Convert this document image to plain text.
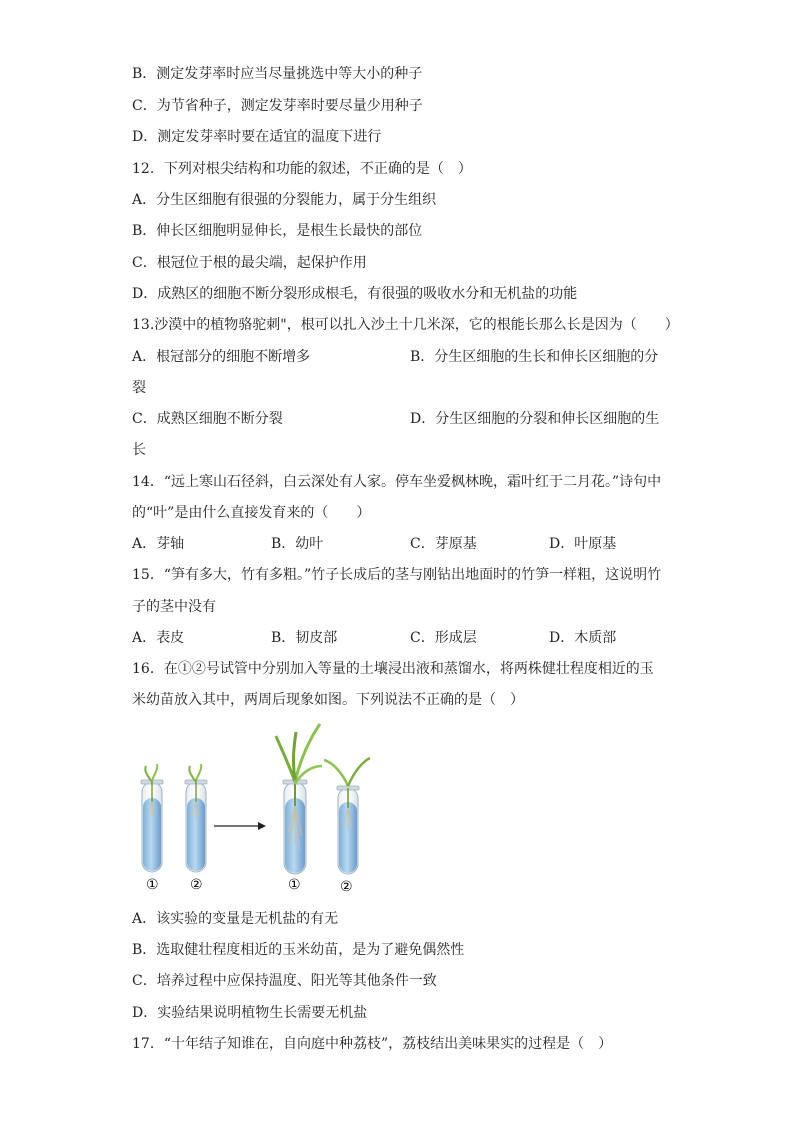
B．测定发芽率时应当尽量挑选中等大小的种子
C．为节省种子，测定发芽率时要尽量少用种子
D．测定发芽率时要在适宜的温度下进行
12．下列对根尖结构和功能的叙述，不正确的是（　）
A．分生区细胞有很强的分裂能力，属于分生组织
B．伸长区细胞明显伸长，是根生长最快的部位
C．根冠位于根的最尖端，起保护作用
D．成熟区的细胞不断分裂形成根毛，有很强的吸收水分和无机盐的功能
13.沙漠中的植物骆驼刺"，根可以扎入沙土十几米深，它的根能长那么长是因为（　　）
A．根冠部分的细胞不断增多	B．分生区细胞的生长和伸长区细胞的分
裂
C．成熟区细胞不断分裂	D．分生区细胞的分裂和伸长区细胞的生
长
14．“远上寒山石径斜，白云深处有人家。停车坐爱枫林晚，霜叶红于二月花。”诗句中
的“叶”是由什么直接发育来的（　　）
A．芽轴	B．幼叶	C．芽原基	D．叶原基
15．“笋有多大，竹有多粗。”竹子长成后的茎与刚钻出地面时的竹笋一样粗，这说明竹
子的茎中没有
A．表皮	B．韧皮部	C．形成层	D．木质部
16．在①②号试管中分别加入等量的土壤浸出液和蒸馏水，将两株健壮程度相近的玉
米幼苗放入其中，两周后现象如图。下列说法不正确的是（　）
① ②	①	②
A．该实验的变量是无机盐的有无
B．选取健壮程度相近的玉米幼苗，是为了避免偶然性
C．培养过程中应保持温度、阳光等其他条件一致
D．实验结果说明植物生长需要无机盐
17．“十年结子知谁在，自向庭中种荔枝”，荔枝结出美味果实的过程是（　）
